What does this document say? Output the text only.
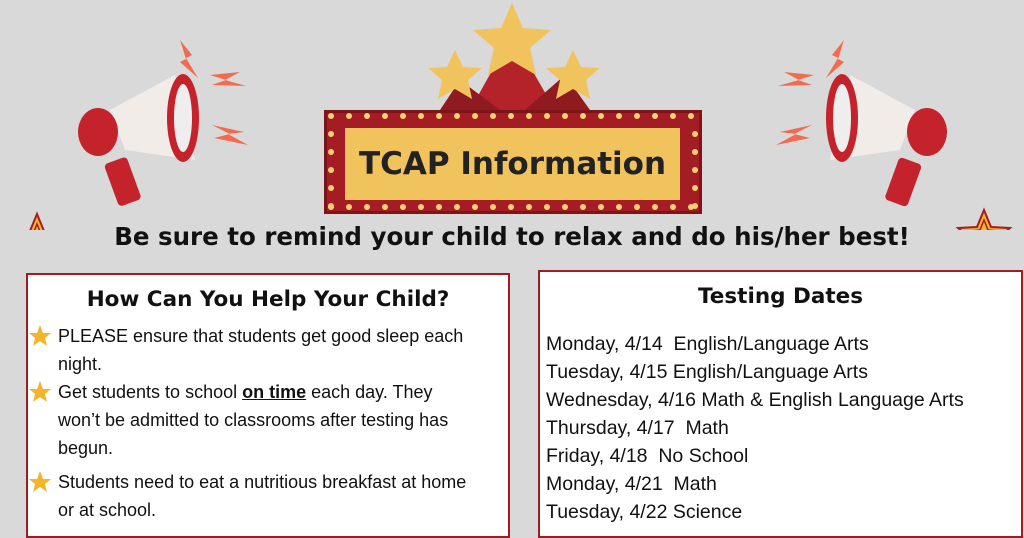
TCAP Information
Be sure to remind your child to relax and do his/her best!
How Can You Help Your Child?
PLEASE ensure that students get good sleep each night.
Get students to school on time each day. They won’t be admitted to classrooms after testing has begun.
Students need to eat a nutritious breakfast at home or at school.
Testing Dates
Monday, 4/14  English/Language Arts
Tuesday, 4/15 English/Language Arts
Wednesday, 4/16 Math & English Language Arts
Thursday, 4/17  Math
Friday, 4/18  No School
Monday, 4/21  Math
Tuesday, 4/22 Science
